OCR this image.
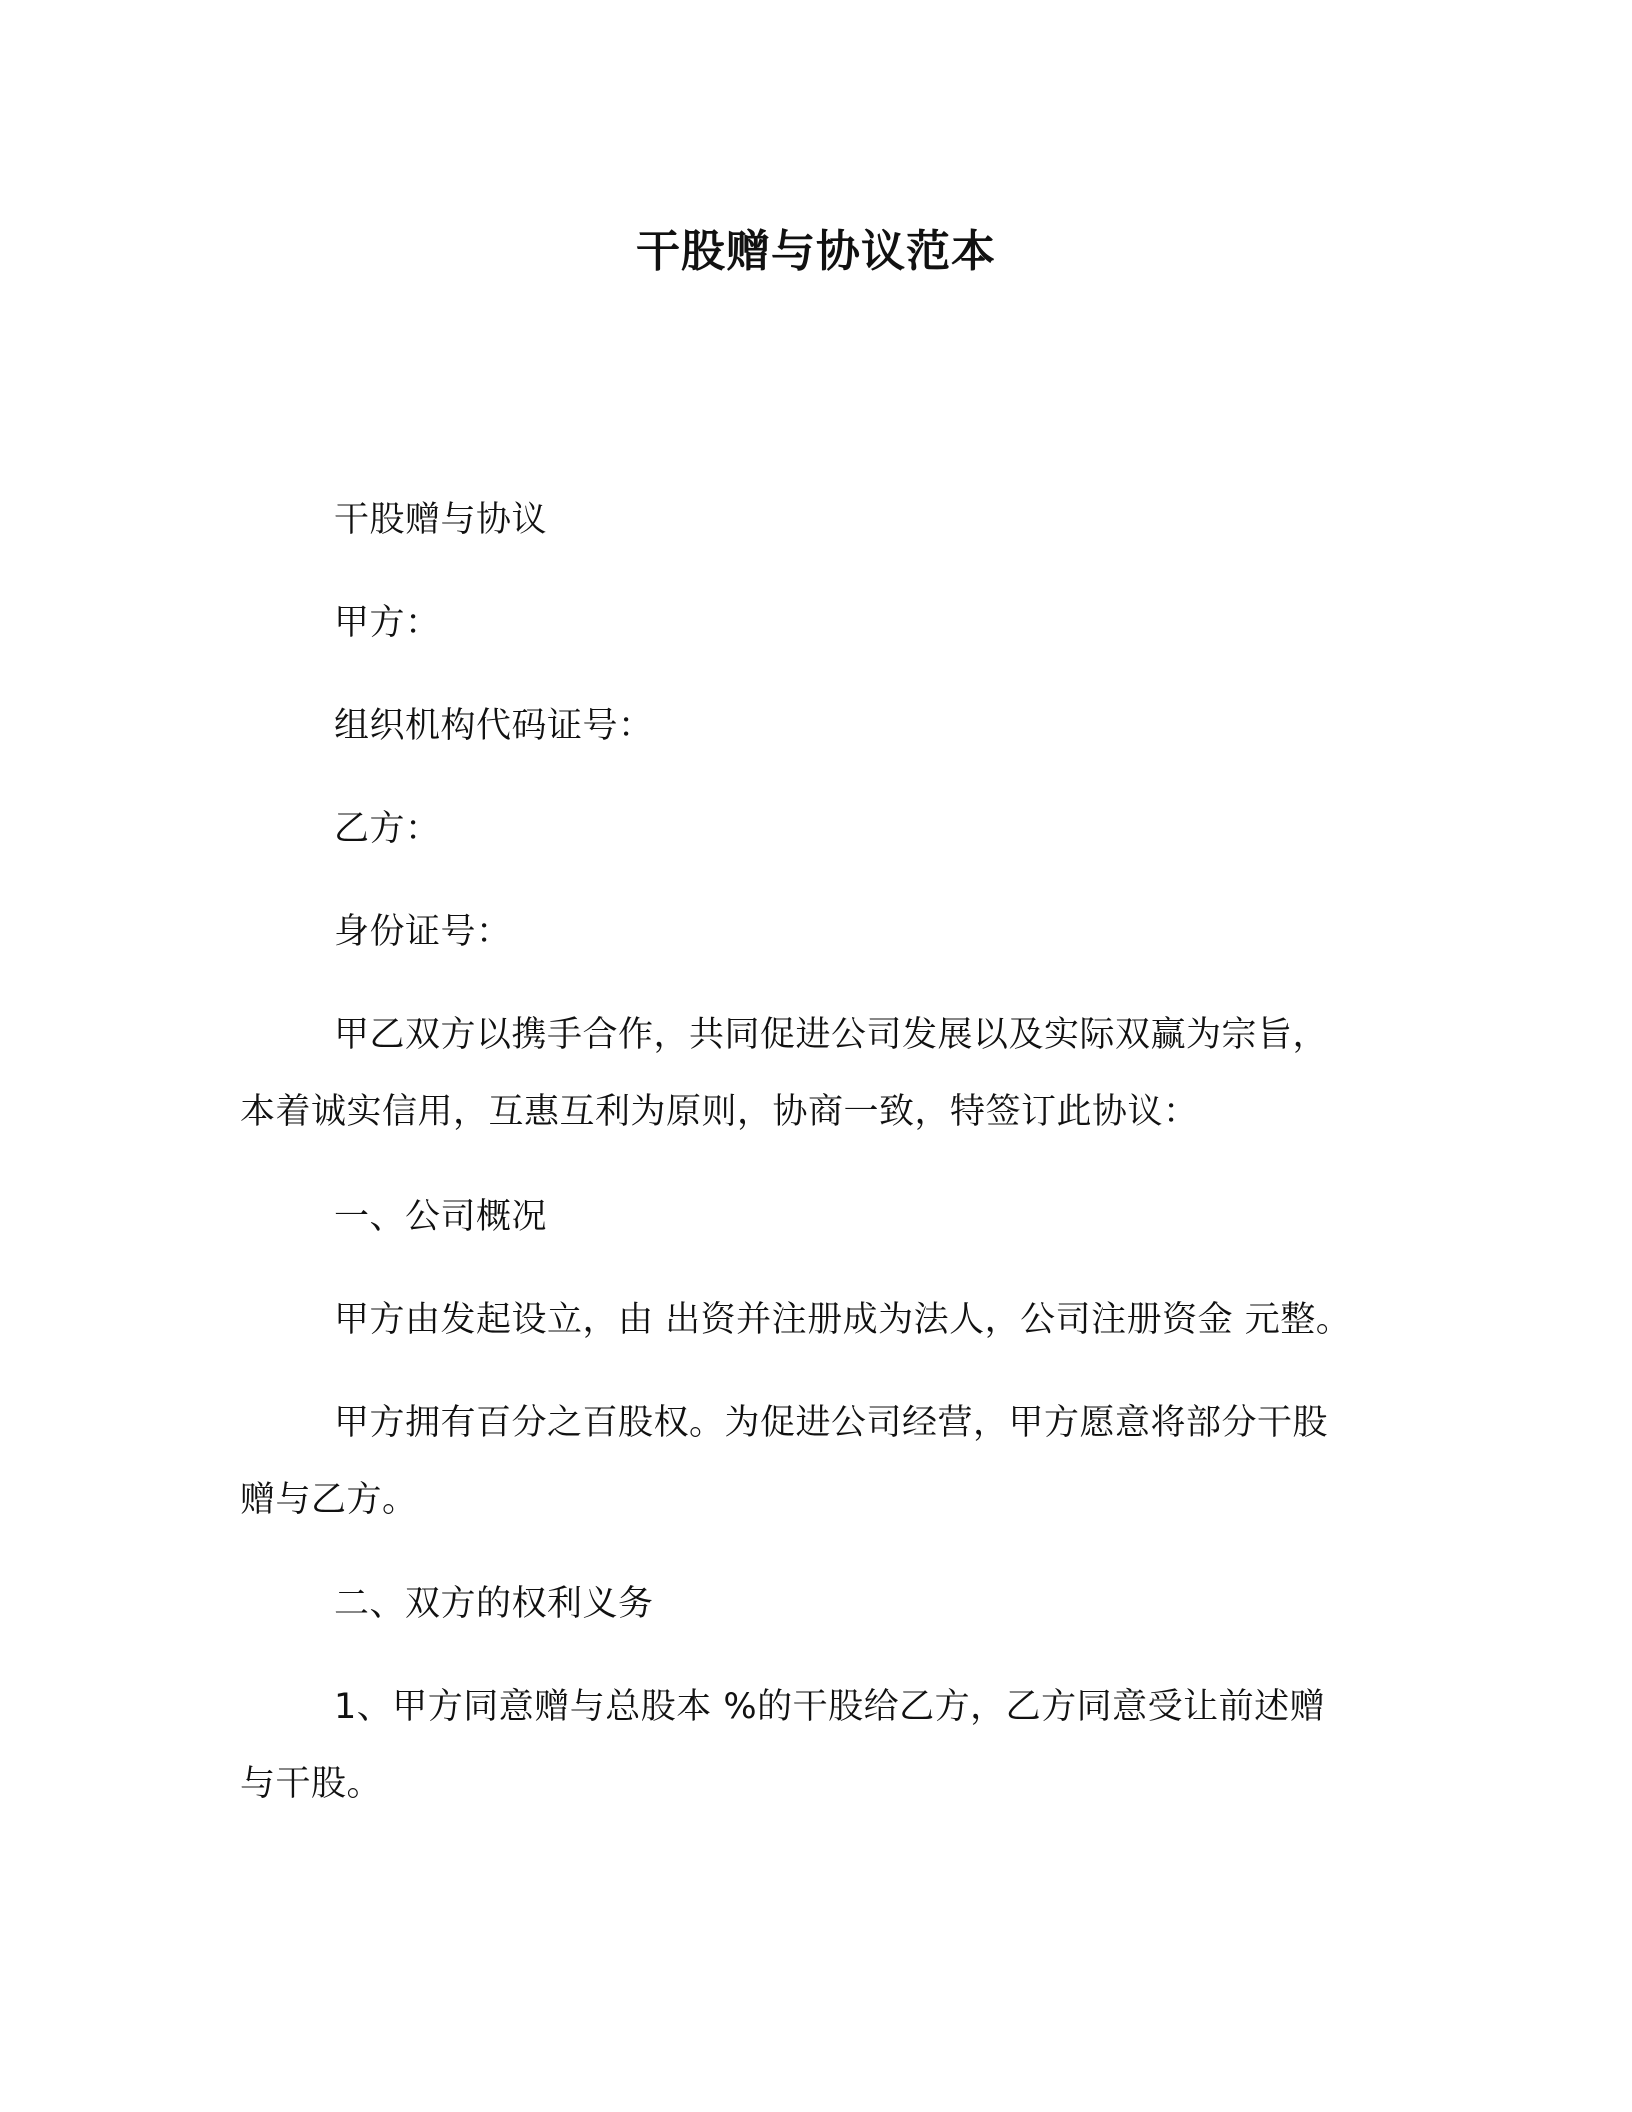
干股赠与协议范本
干股赠与协议
甲方：
组织机构代码证号：
乙方：
身份证号：
甲乙双方以携手合作，共同促进公司发展以及实际双赢为宗旨，
本着诚实信用，互惠互利为原则，协商一致，特签订此协议：
一、公司概况
甲方由发起设立，由 出资并注册成为法人，公司注册资金 元整。
甲方拥有百分之百股权。为促进公司经营，甲方愿意将部分干股
赠与乙方。
二、双方的权利义务
1、甲方同意赠与总股本 %的干股给乙方，乙方同意受让前述赠
与干股。
